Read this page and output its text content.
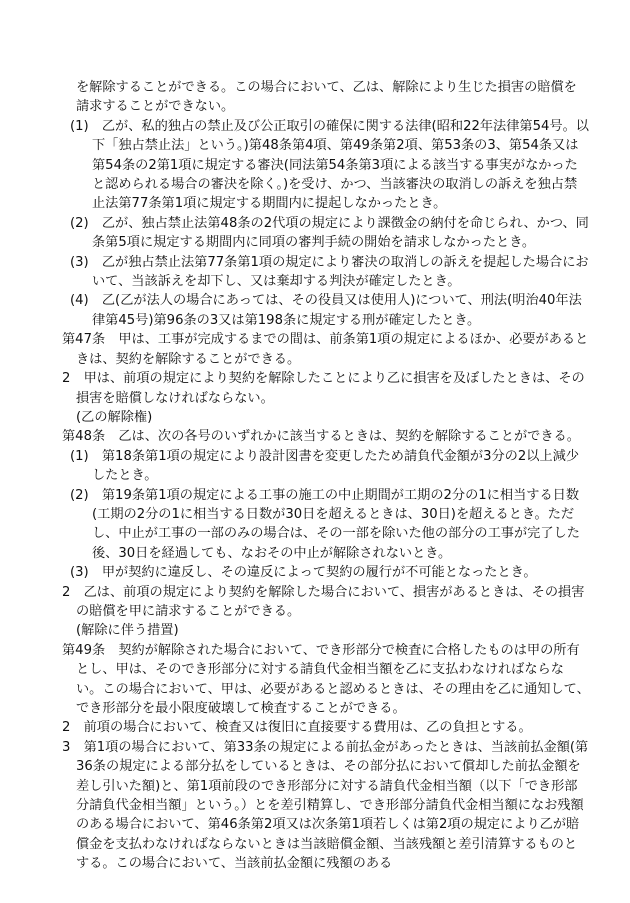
を解除することができる。この場合において、乙は、解除により生じた損害の賠償を請求することができない。

(1)　乙が、私的独占の禁止及び公正取引の確保に関する法律(昭和22年法律第54号。以下「独占禁止法」という。)第48条第4項、第49条第2項、第53条の3、第54条又は第54条の2第1項に規定する審決(同法第54条第3項による該当する事実がなかったと認められる場合の審決を除く。)を受け、かつ、当該審決の取消しの訴えを独占禁止法第77条第1項に規定する期間内に提起しなかったとき。

(2)　乙が、独占禁止法第48条の2代項の規定により課徴金の納付を命じられ、かつ、同条第5項に規定する期間内に同項の審判手続の開始を請求しなかったとき。

(3)　乙が独占禁止法第77条第1項の規定により審決の取消しの訴えを提起した場合において、当該訴えを却下し、又は棄却する判決が確定したとき。

(4)　乙(乙が法人の場合にあっては、その役員又は使用人)について、刑法(明治40年法律第45号)第96条の3又は第198条に規定する刑が確定したとき。

第47条　甲は、工事が完成するまでの間は、前条第1項の規定によるほか、必要があるときは、契約を解除することができる。

2　甲は、前項の規定により契約を解除したことにより乙に損害を及ぼしたときは、その損害を賠償しなければならない。

(乙の解除権)

第48条　乙は、次の各号のいずれかに該当するときは、契約を解除することができる。

(1)　第18条第1項の規定により設計図書を変更したため請負代金額が3分の2以上減少したとき。

(2)　第19条第1項の規定による工事の施工の中止期間が工期の2分の1に相当する日数(工期の2分の1に相当する日数が30日を超えるときは、30日)を超えるとき。ただし、中止が工事の一部のみの場合は、その一部を除いた他の部分の工事が完了した後、30日を経過しても、なおその中止が解除されないとき。

(3)　甲が契約に違反し、その違反によって契約の履行が不可能となったとき。

2　乙は、前項の規定により契約を解除した場合において、損害があるときは、その損害の賠償を甲に請求することができる。

(解除に伴う措置)

第49条　契約が解除された場合において、でき形部分で検査に合格したものは甲の所有とし、甲は、そのでき形部分に対する請負代金相当額を乙に支払わなければならない。この場合において、甲は、必要があると認めるときは、その理由を乙に通知して、でき形部分を最小限度破壊して検査することができる。

2　前項の場合において、検査又は復旧に直接要する費用は、乙の負担とする。

3　第1項の場合において、第33条の規定による前払金があったときは、当該前払金額(第36条の規定による部分払をしているときは、その部分払において償却した前払金額を差し引いた額)と、第1項前段のでき形部分に対する請負代金相当額（以下「でき形部分請負代金相当額」という。）とを差引精算し、でき形部分請負代金相当額になお残額のある場合において、第46条第2項又は次条第1項若しくは第2項の規定により乙が賠償金を支払わなければならないときは当該賠償金額、当該残額と差引清算するものとする。この場合において、当該前払金額に残額のある
